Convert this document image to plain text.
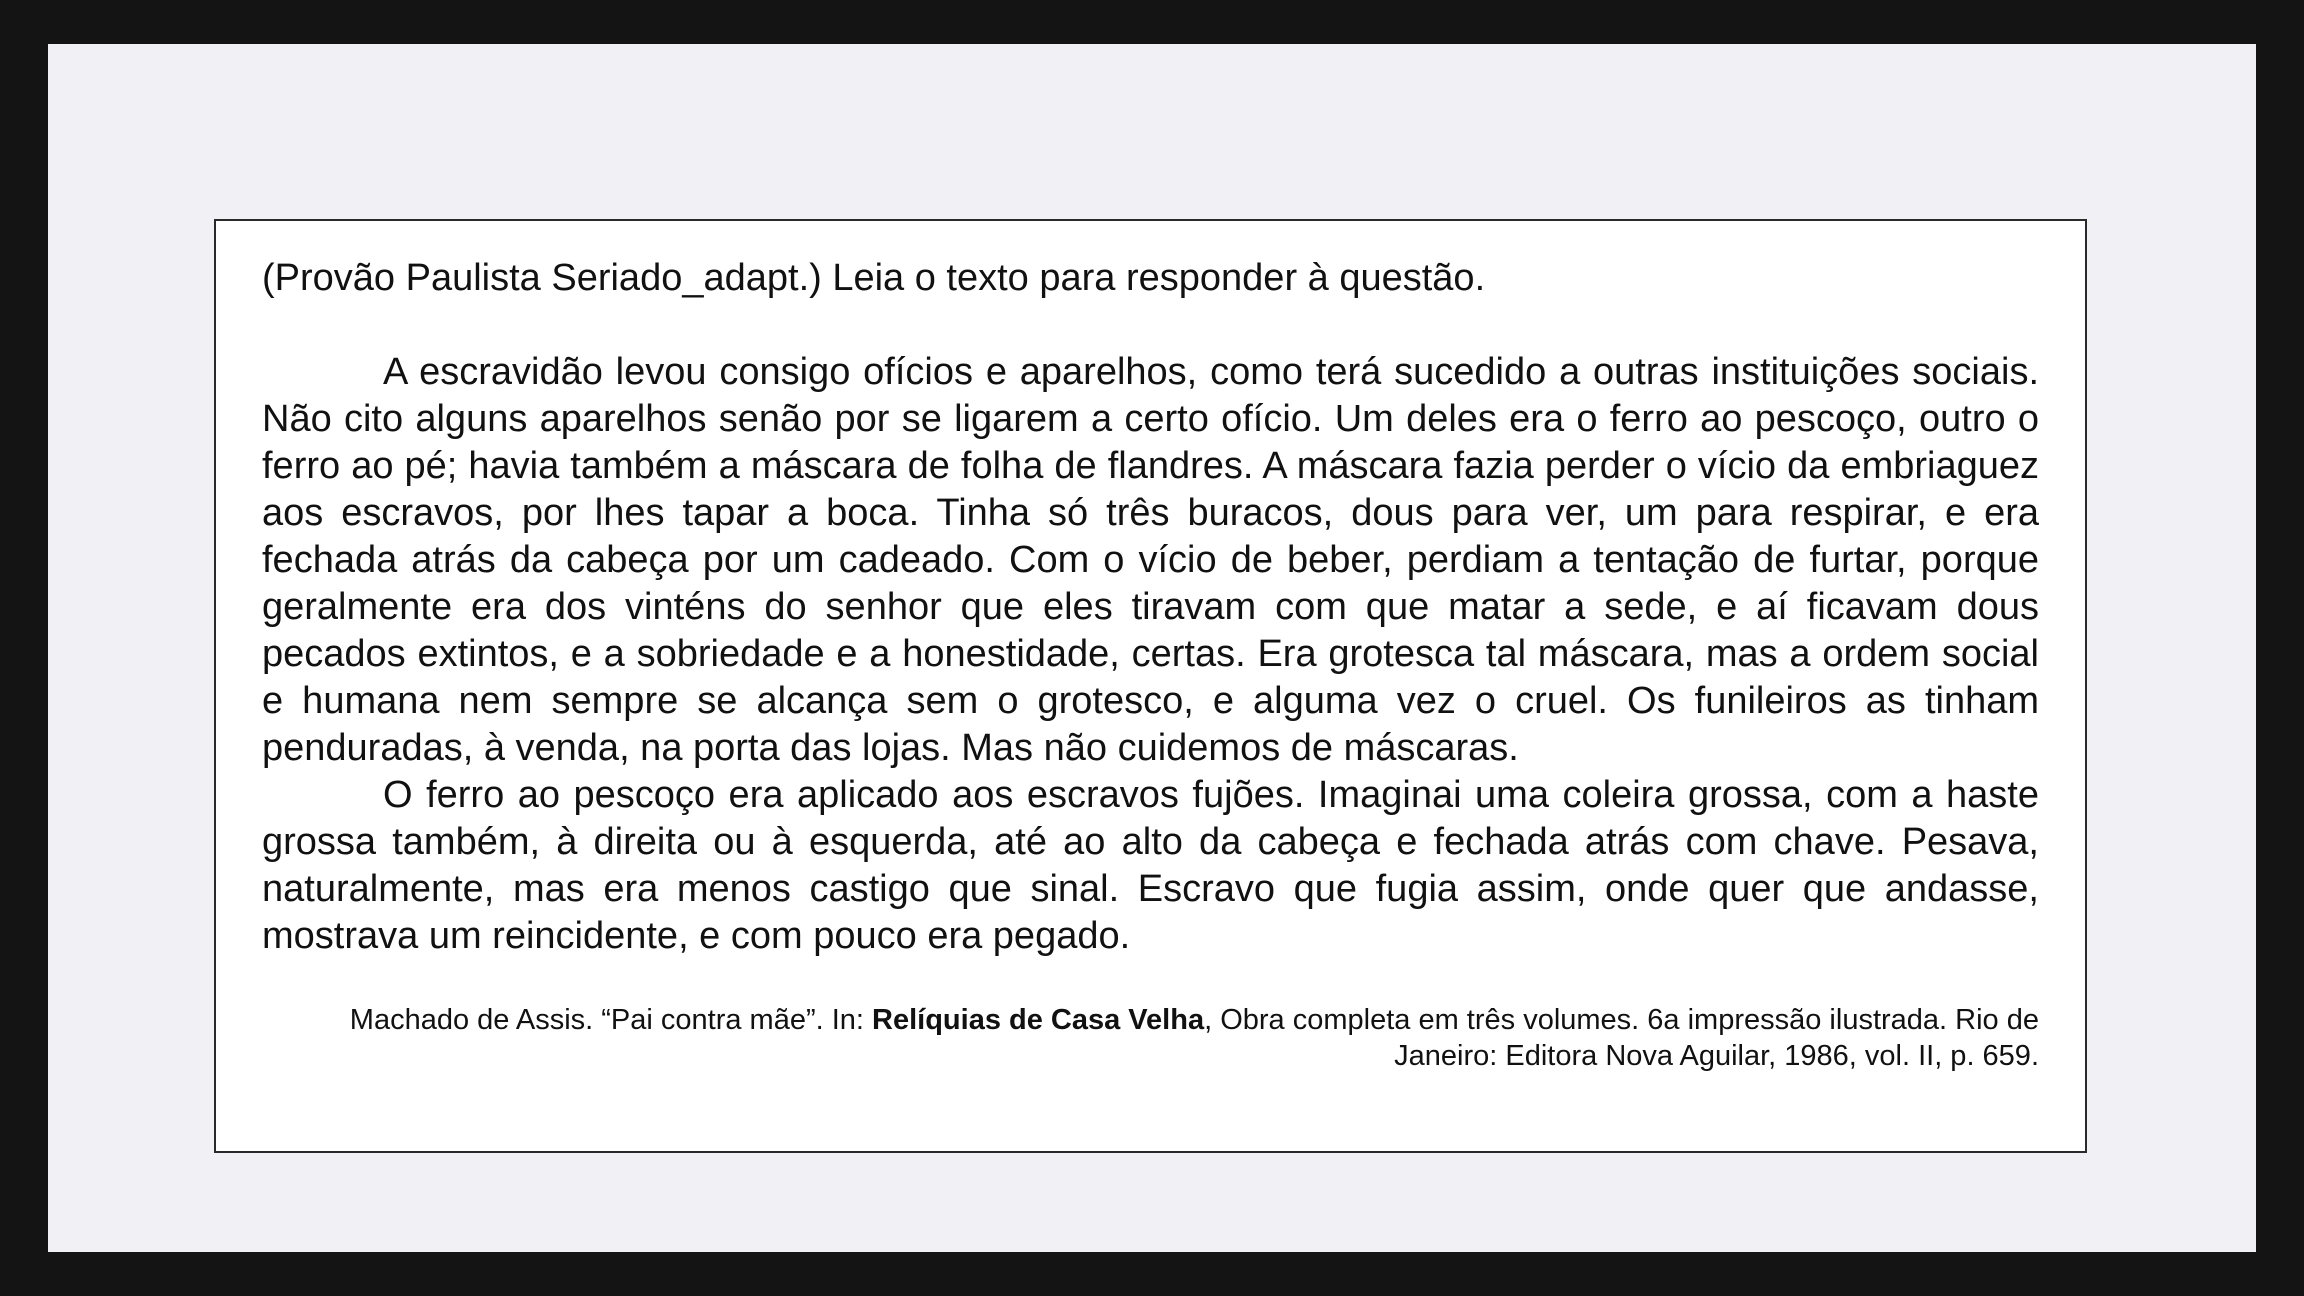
(Provão Paulista Seriado_adapt.) Leia o texto para responder à questão.

A escravidão levou consigo ofícios e aparelhos, como terá sucedido a outras instituições sociais. Não cito alguns aparelhos senão por se ligarem a certo ofício. Um deles era o ferro ao pescoço, outro o ferro ao pé; havia também a máscara de folha de flandres. A máscara fazia perder o vício da embriaguez aos escravos, por lhes tapar a boca. Tinha só três buracos, dous para ver, um para respirar, e era fechada atrás da cabeça por um cadeado. Com o vício de beber, perdiam a tentação de furtar, porque geralmente era dos vinténs do senhor que eles tiravam com que matar a sede, e aí ficavam dous pecados extintos, e a sobriedade e a honestidade, certas. Era grotesca tal máscara, mas a ordem social e humana nem sempre se alcança sem o grotesco, e alguma vez o cruel. Os funileiros as tinham penduradas, à venda, na porta das lojas. Mas não cuidemos de máscaras.

O ferro ao pescoço era aplicado aos escravos fujões. Imaginai uma coleira grossa, com a haste grossa também, à direita ou à esquerda, até ao alto da cabeça e fechada atrás com chave. Pesava, naturalmente, mas era menos castigo que sinal. Escravo que fugia assim, onde quer que andasse, mostrava um reincidente, e com pouco era pegado.

Machado de Assis. “Pai contra mãe”. In: Relíquias de Casa Velha, Obra completa em três volumes. 6a impressão ilustrada. Rio de Janeiro: Editora Nova Aguilar, 1986, vol. II, p. 659.
